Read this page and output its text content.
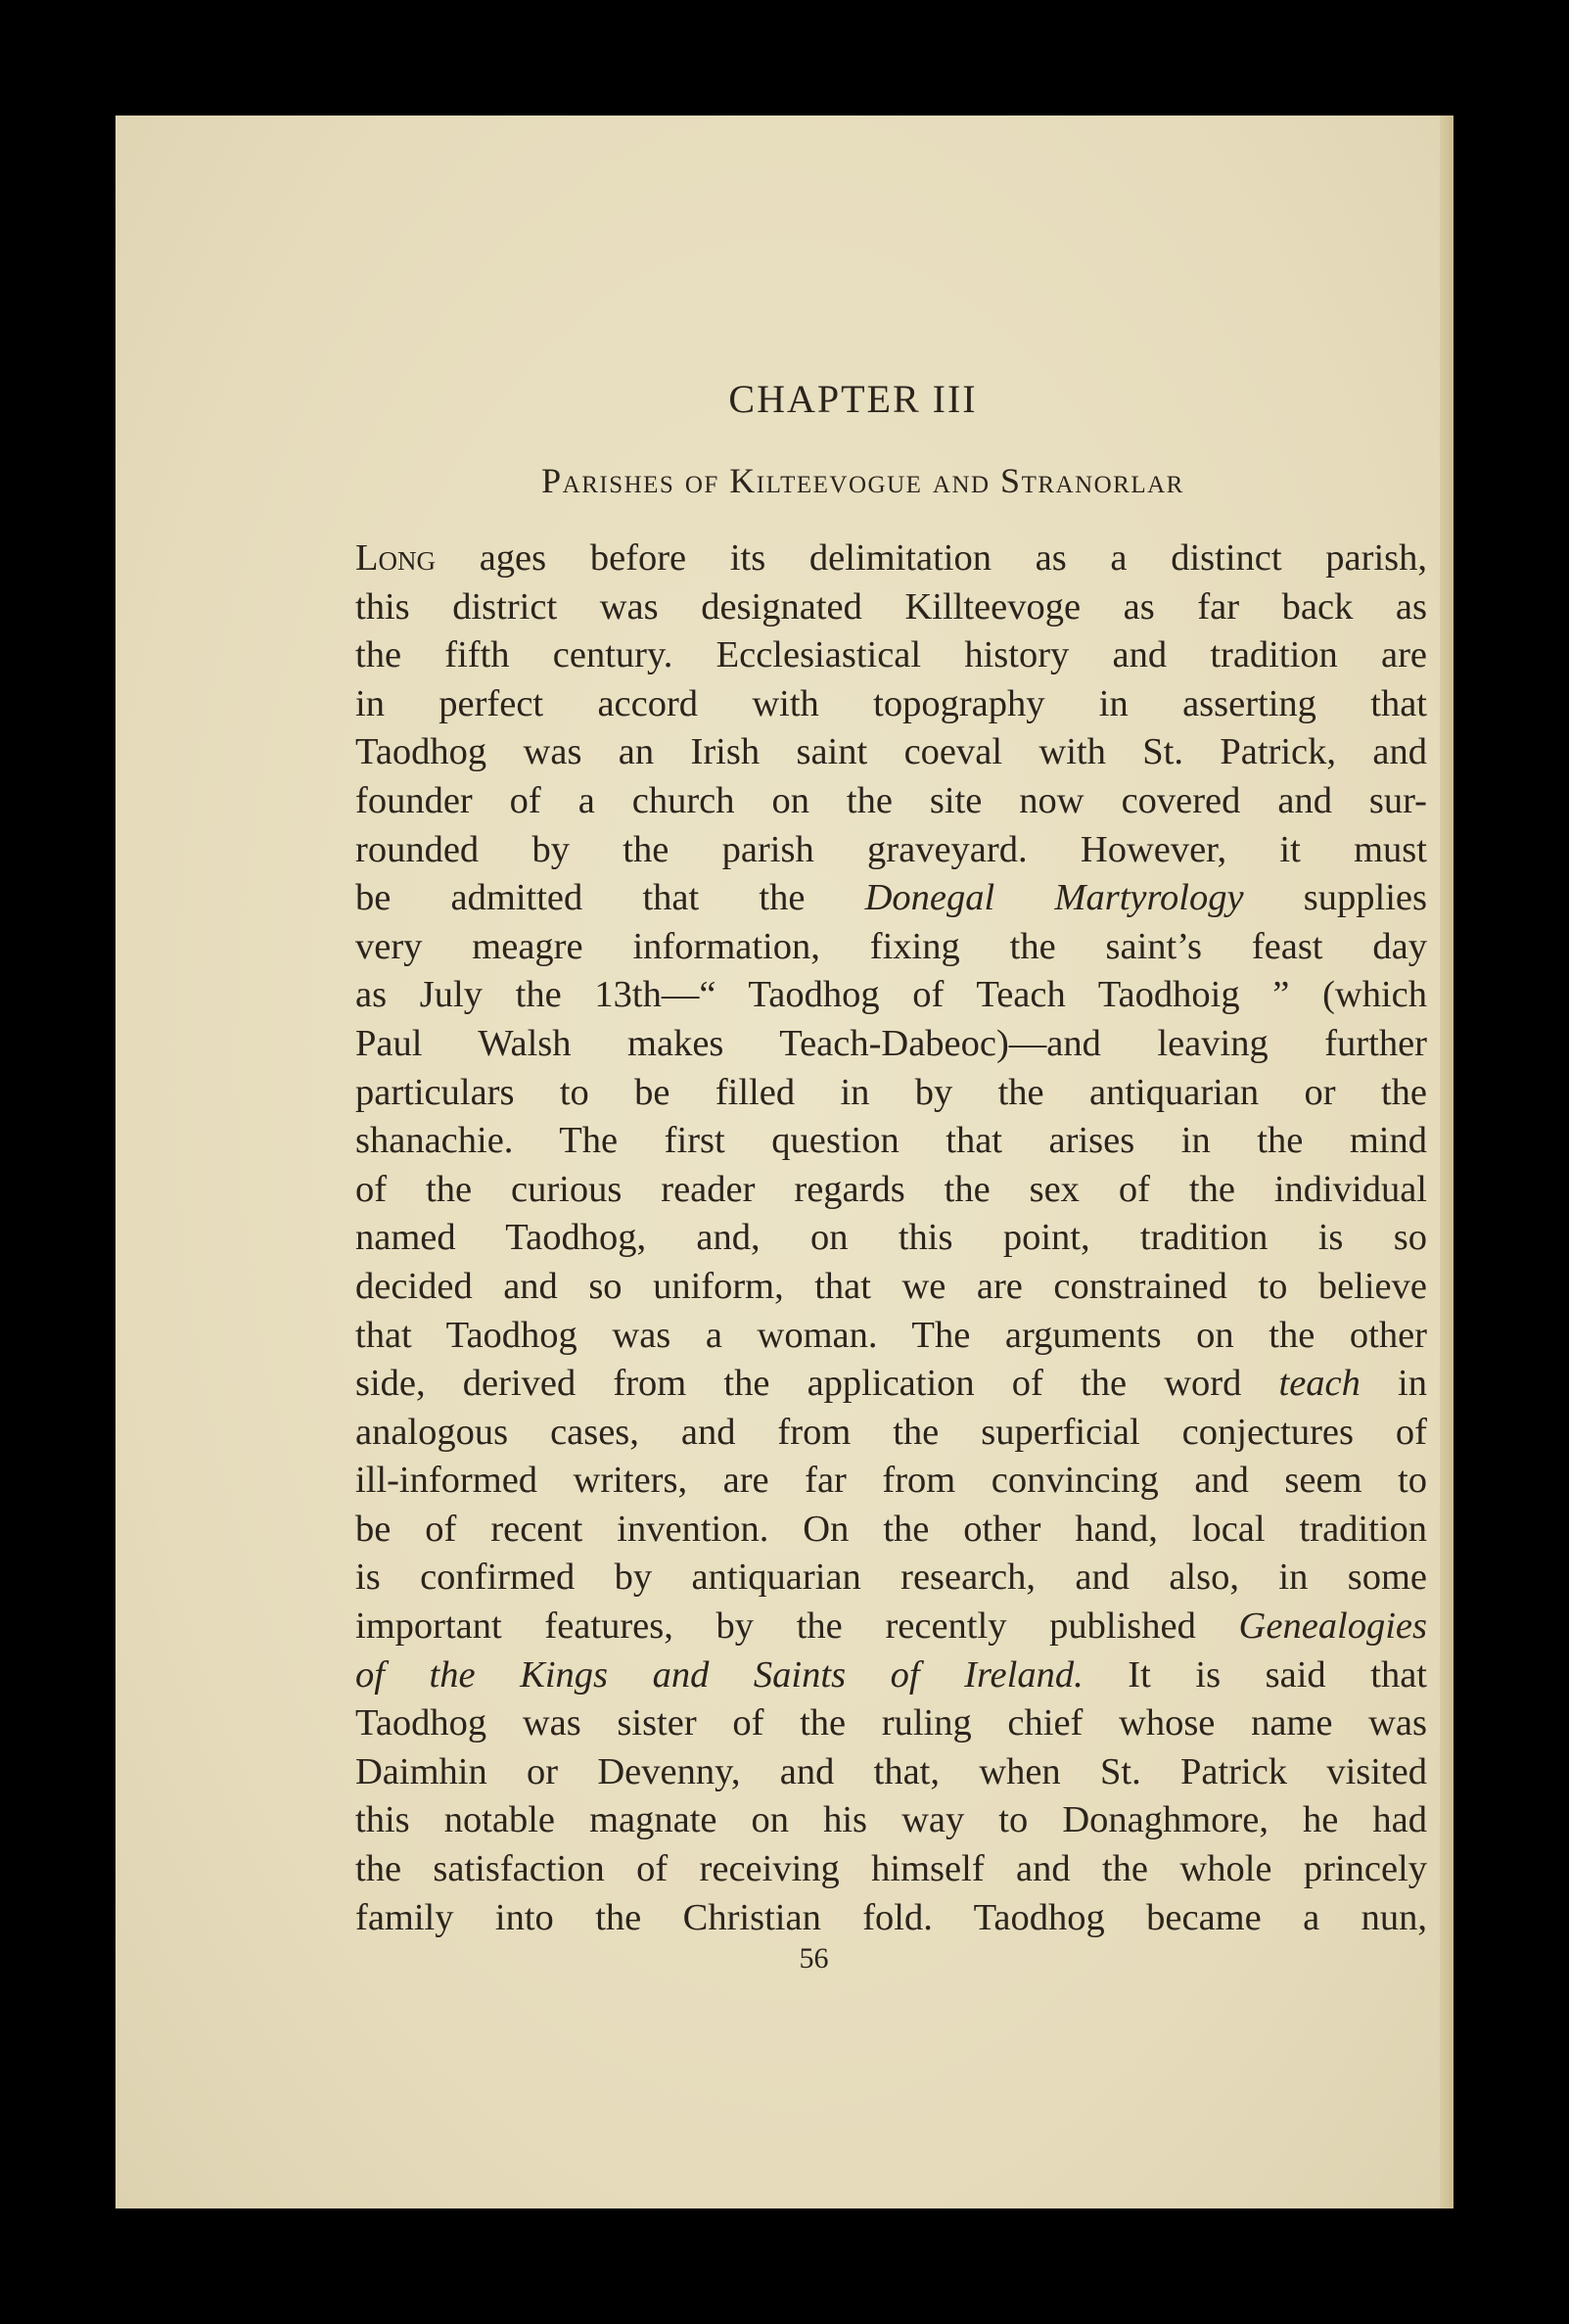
CHAPTER III
Parishes of Kilteevogue and Stranorlar
Long ages before its delimitation as a distinct parish,
this district was designated Killteevoge as far back as
the fifth century. Ecclesiastical history and tradition are
in perfect accord with topography in asserting that
Taodhog was an Irish saint coeval with St. Patrick, and
founder of a church on the site now covered and sur-
rounded by the parish graveyard. However, it must
be admitted that the Donegal Martyrology supplies
very meagre information, fixing the saint’s feast day
as July the 13th—“ Taodhog of Teach Taodhoig ” (which
Paul Walsh makes Teach-Dabeoc)—and leaving further
particulars to be filled in by the antiquarian or the
shanachie. The first question that arises in the mind
of the curious reader regards the sex of the individual
named Taodhog, and, on this point, tradition is so
decided and so uniform, that we are constrained to believe
that Taodhog was a woman. The arguments on the other
side, derived from the application of the word teach in
analogous cases, and from the superficial conjectures of
ill-informed writers, are far from convincing and seem to
be of recent invention. On the other hand, local tradition
is confirmed by antiquarian research, and also, in some
important features, by the recently published Genealogies
of the Kings and Saints of Ireland. It is said that
Taodhog was sister of the ruling chief whose name was
Daimhin or Devenny, and that, when St. Patrick visited
this notable magnate on his way to Donaghmore, he had
the satisfaction of receiving himself and the whole princely
family into the Christian fold. Taodhog became a nun,
56
